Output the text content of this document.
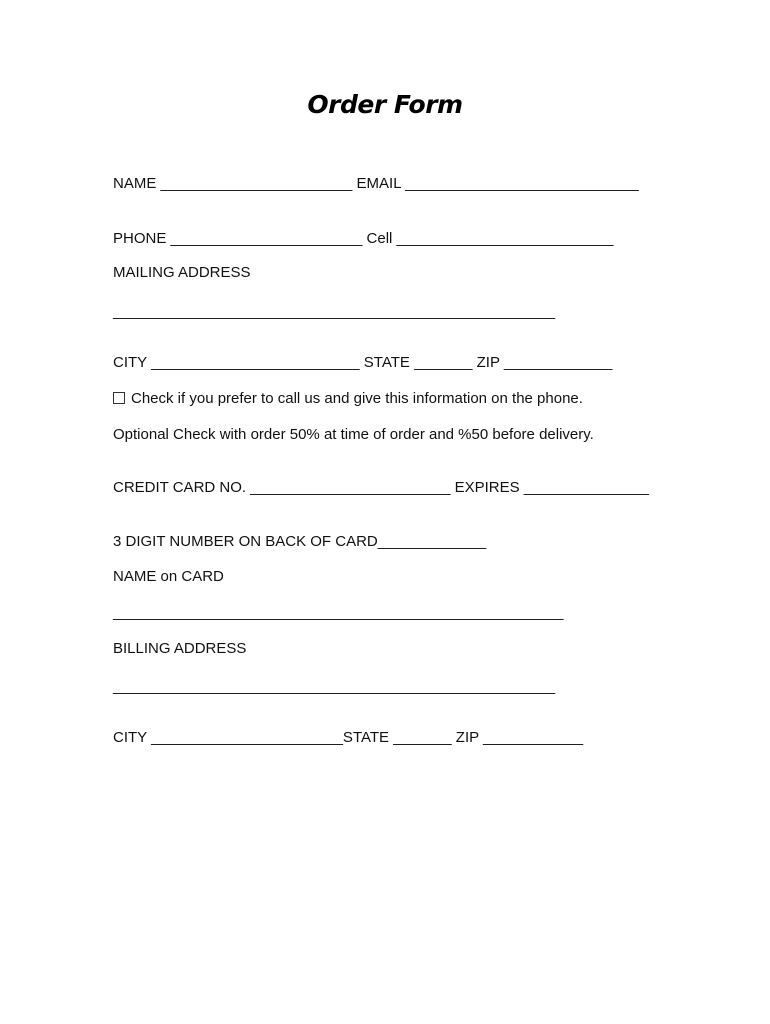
Order Form
NAME _______________________ EMAIL ____________________________
PHONE _______________________ Cell __________________________
MAILING ADDRESS
_____________________________________________________
CITY _________________________ STATE _______ ZIP _____________
Check if you prefer to call us and give this information on the phone.
Optional Check with order 50% at time of order and %50 before delivery.
CREDIT CARD NO. ________________________ EXPIRES _______________
3 DIGIT NUMBER ON BACK OF CARD_____________
NAME on CARD
______________________________________________________
BILLING ADDRESS
_____________________________________________________
CITY _______________________STATE _______ ZIP ____________
